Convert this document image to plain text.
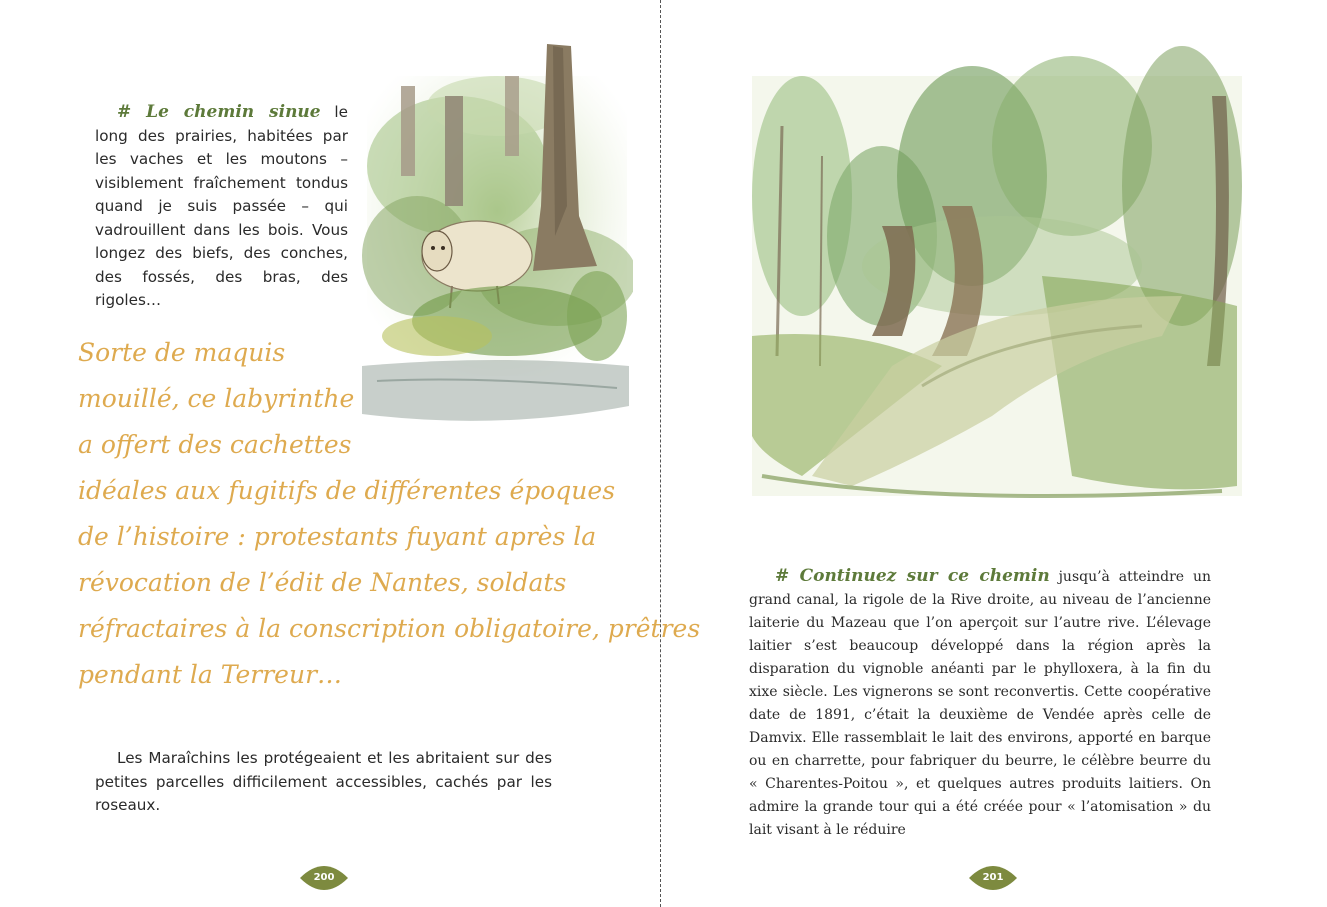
# Le chemin sinue le long des prairies, habitées par les vaches et les moutons – visiblement fraîchement tondus quand je suis passée – qui vadrouillent dans les bois. Vous longez des biefs, des conches, des fossés, des bras, des rigoles…
Sorte de maquis
mouillé, ce labyrinthe
a offert des cachettes
idéales aux fugitifs de différentes époques
de l’histoire : protestants fuyant après la
révocation de l’édit de Nantes, soldats
réfractaires à la conscription obligatoire, prêtres
pendant la Terreur…
Les Maraîchins les protégeaient et les abritaient sur des petites parcelles difficilement accessibles, cachés par les roseaux.
200
# Continuez sur ce chemin jusqu’à atteindre un grand canal, la rigole de la Rive droite, au niveau de l’ancienne laiterie du Mazeau que l’on aperçoit sur l’autre rive. L’élevage laitier s’est beaucoup développé dans la région après la disparation du vignoble anéanti par le phylloxera, à la fin du xixe siècle. Les vignerons se sont reconvertis. Cette coopérative date de 1891, c’était la deuxième de Vendée après celle de Damvix. Elle rassemblait le lait des environs, apporté en barque ou en charrette, pour fabriquer du beurre, le célèbre beurre du « Charentes-Poitou », et quelques autres produits laitiers. On admire la grande tour qui a été créée pour « l’atomisation » du lait visant à le réduire
201
